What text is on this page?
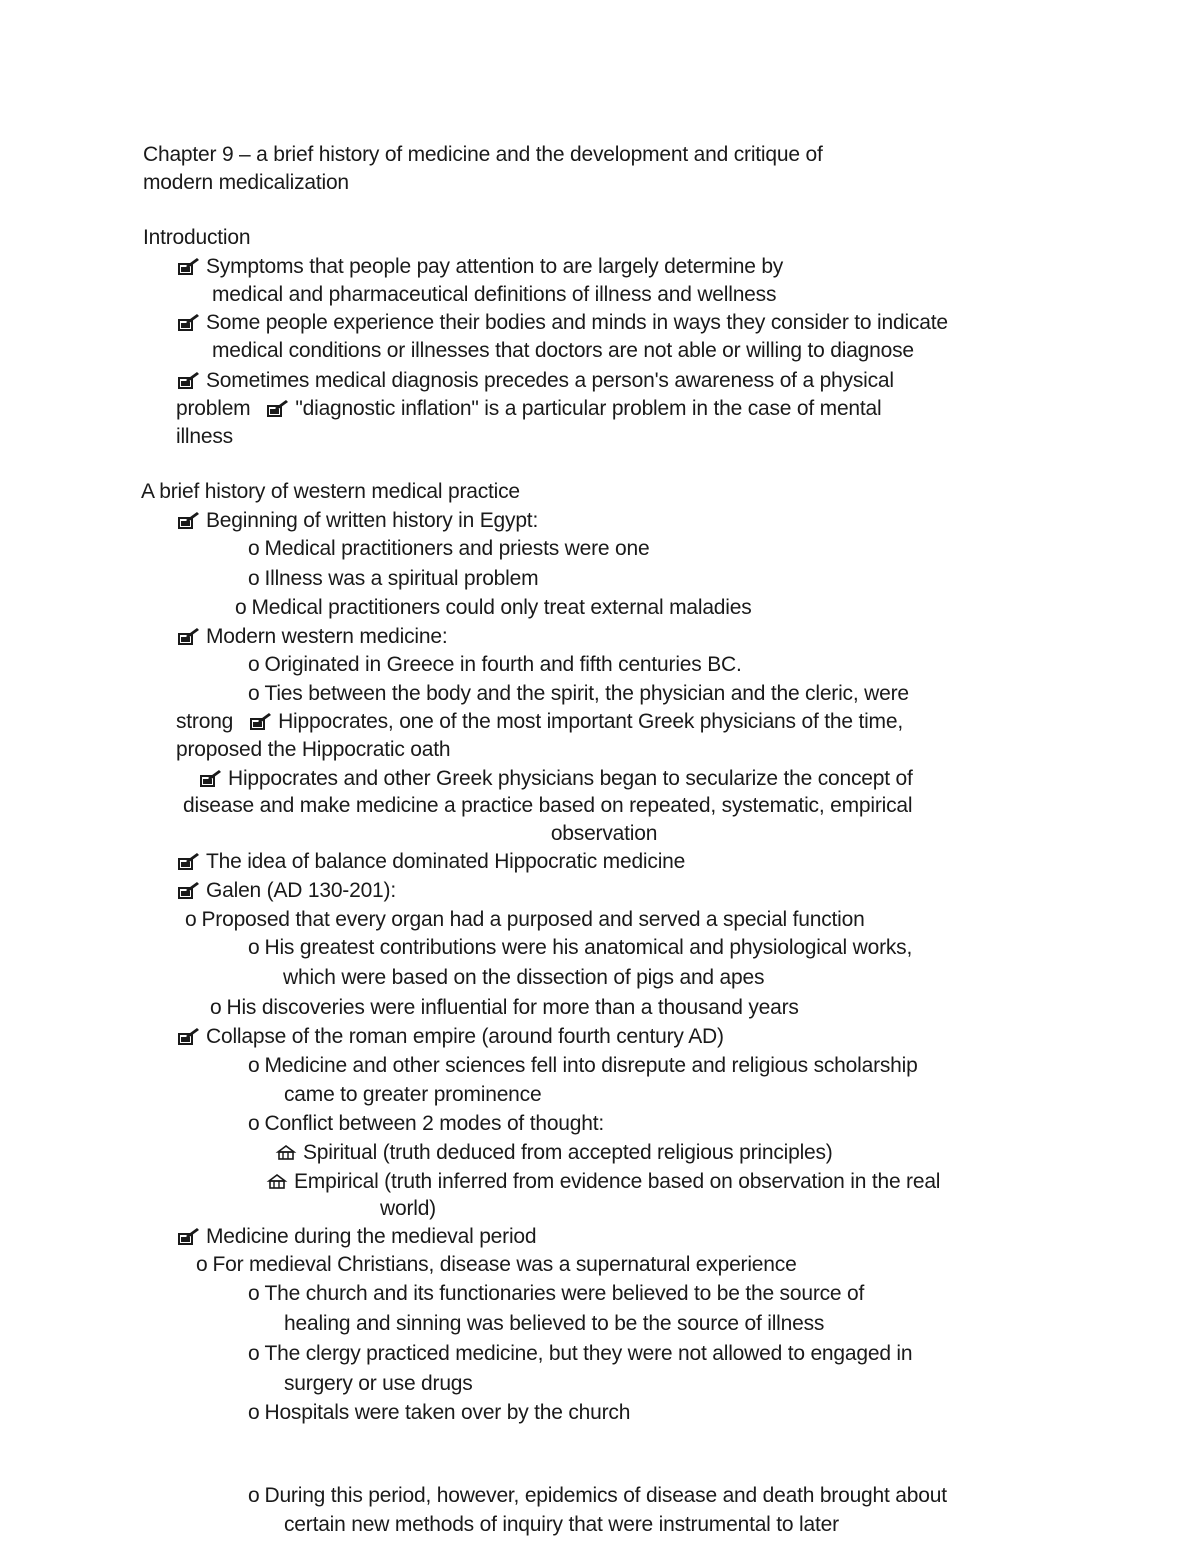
Chapter 9 – a brief history of medicine and the development and critique of
modern medicalization
Introduction
Symptoms that people pay attention to are largely determine by
medical and pharmaceutical definitions of illness and wellness
Some people experience their bodies and minds in ways they consider to indicate
medical conditions or illnesses that doctors are not able or willing to diagnose
Sometimes medical diagnosis precedes a person's awareness of a physical
problem "diagnostic inflation" is a particular problem in the case of mental
illness
A brief history of western medical practice
Beginning of written history in Egypt:
o Medical practitioners and priests were one
o Illness was a spiritual problem
o Medical practitioners could only treat external maladies
Modern western medicine:
o Originated in Greece in fourth and fifth centuries BC.
o Ties between the body and the spirit, the physician and the cleric, were
strong Hippocrates, one of the most important Greek physicians of the time,
proposed the Hippocratic oath
Hippocrates and other Greek physicians began to secularize the concept of
disease and make medicine a practice based on repeated, systematic, empirical
observation
The idea of balance dominated Hippocratic medicine
Galen (AD 130-201):
o Proposed that every organ had a purposed and served a special function
o His greatest contributions were his anatomical and physiological works,
which were based on the dissection of pigs and apes
o His discoveries were influential for more than a thousand years
Collapse of the roman empire (around fourth century AD)
o Medicine and other sciences fell into disrepute and religious scholarship
came to greater prominence
o Conflict between 2 modes of thought:
Spiritual (truth deduced from accepted religious principles)
Empirical (truth inferred from evidence based on observation in the real
world)
Medicine during the medieval period
o For medieval Christians, disease was a supernatural experience
o The church and its functionaries were believed to be the source of
healing and sinning was believed to be the source of illness
o The clergy practiced medicine, but they were not allowed to engaged in
surgery or use drugs
o Hospitals were taken over by the church
o During this period, however, epidemics of disease and death brought about
certain new methods of inquiry that were instrumental to later
